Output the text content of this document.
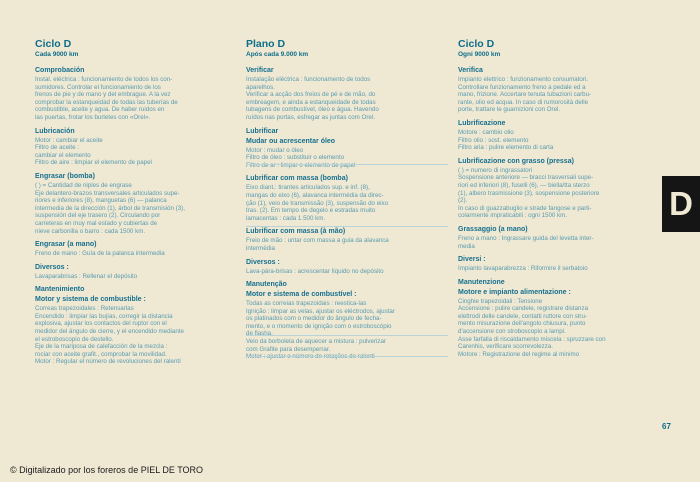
Ciclo D
Cada 9000 km
Comprobación
Instal. eléctrica : funcionamiento de todos los con-
sumidores. Controlar el funcionamiento de los
frenos de pie y de mano y del embrague. A la vez
comprobar la estanqueidad de todas las tuberías de
combustible, aceite y agua. De haber ruidos en
las puertas, frotar los burletes con «Orel».
Lubricación
Motor : cambiar el aceite
Filtro de aceite :
cambiar el elemento
Filtro de aire : limpiar el elemento de papel
Engrasar (bomba)
( ) = Cantidad de niples de engrase
Eje delantero-brazos transversales articulados supe-
riores e inferiores (8), manguetas (6) — palanca
intermedia de la dirección (1), árbol de transmisión (3),
suspensión del eje trasero (2). Circulando por
carreteras en muy mal estado y cubiertas de
nieve carbonilla o barro : cada 1500 km.
Engrasar (a mano)
Freno de mano : Guía de la palanca intermedia
Diversos :
Lavaparabrisas : Rellenar el depósito
Mantenimiento
Motor y sistema de combustible :
Correas trapezoidales : Retensarlas
Encendido : limpiar las bujías, corregir la distancia
explosiva, ajustar los contactos del ruptor con el
medidor del ángulo de cierre, y el encendido mediante
el estroboscopio de destello.
Eje de la mariposa de calefacción de la mezcla :
rociar con aceite grafit., comprobar la movilidad.
Motor : Regular el número de revoluciones del ralentí
Plano D
Após cada 9.000 km
Verificar
Instalação eléctrica : funcionamento de todos
aparelhos.
Verificar a acção dos freios de pé e de mão, do
embreagem, e ainda a estanqueidade de todas
tubagens de combustível, óleo e água. Havendo
ruídos nas portas, esfregar as juntas com Orel.
Lubrificar
Mudar ou acrescentar óleo
Motor : mudar o óleo
Filtro de óleo : substituir o elemento
Filtro de ar : limpar o elemento de papel
Lubrificar com massa (bomba)
Eixo diant.: tirantes articulados sup. e inf. (8),
mangas do eixo (6), alavanca intermédia da direc-
ção (1), veio de transmissão (3), suspensão do eixo
tras. (2). Em tempo de degelo e estradas muito
lamacentas : cada 1.500 km.
Lubrificar com massa (à mão)
Freio de mão : untar com massa a guia da alavanca
intermédia
Diversos :
Lava-pára-brisas : acrescentar líquido no depósito
Manutenção
Motor e sistema de combustível :
Todas as correias trapezoidais : reestica-las
Ignição : limpar as velas, ajustar os eléctrodos, ajustar
os platinados com o medidor do ângulo de fecha-
mento, e o momento de ignição com o estroboscópio
de flasha.
Veio da borboleta de aquecer a mistura : pulverizar
com Grafite para desemperrar.
Motor : ajustar o número de rotações de ralenti
Ciclo D
Ogni 9000 km
Verifica
Impianto elettrico : funzionamento consumatori.
Controllare funzionamento freno a pedale ed a
mano, frizione. Accertare tenuta tubazioni carbu-
rante, olio ed acqua. In caso di rumorosità delle
porte, trattare le guarnizioni con Orel.
Lubrificazione
Motore : cambio olio
Filtro olio : sost. elemento
Filtro aria : pulire elemento di carta
Lubrificazione con grasso (pressa)
( ) = numero di ingrassatori
Sospensione anteriore — bracci trasversali supe-
riori ed inferiori (8), fuselli (6), — biella/tta sterzo
(1), albero trasmissione (3), sospensione posteriore
(2).
In caso di guazzabuglio e strade fangose e parti-
colarmente impraticabili : ogni 1500 km.
Grassaggio (a mano)
Freno a mano : Ingrassare guida del levetta inter-
media
Diversi :
Impianto lavaparabrezza : Riformire il serbatoio
Manutenzione
Motore e impianto alimentazione :
Cinghie trapezoidali : Tensione
Accensione : pulire candele, registrare distanza
elettrodi delle candele, contatti ruttore con stru-
mento misurazione dell'angolo chiusura, punto
d'accensione con stroboscopio a lampi.
Asse farfalla di riscaldamento miscela : spruzzare con
Carenhis, verificare scorrevolezza.
Motore : Registrazione del regime al minimo
D
67
© Digitalizado por los foreros de PIEL DE TORO
